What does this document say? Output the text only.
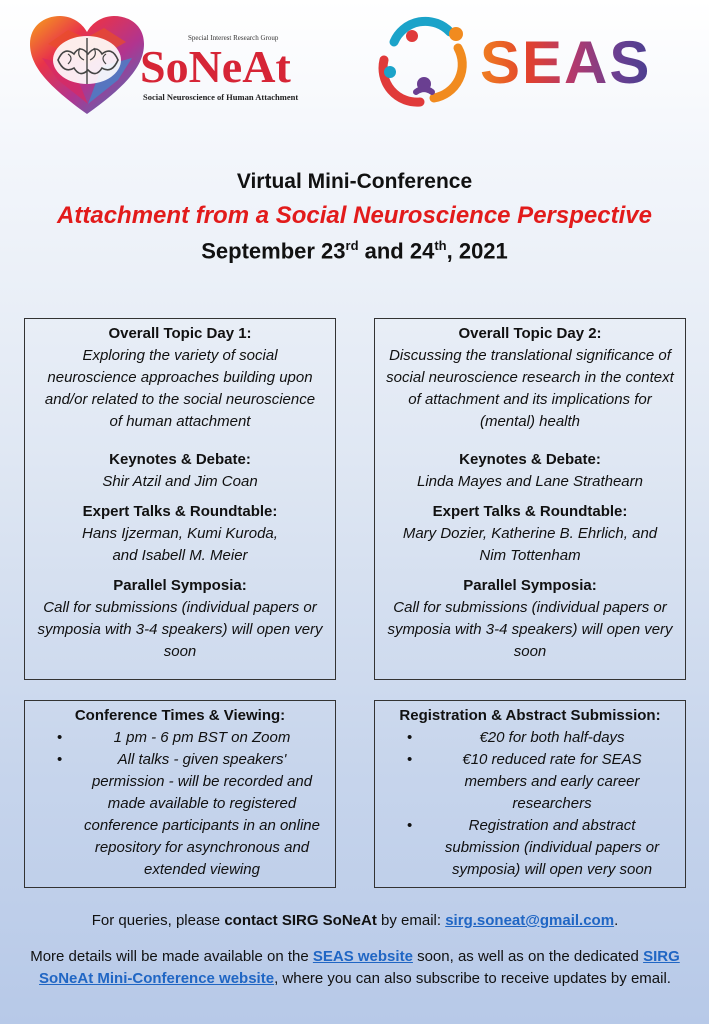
Special Interest Research Group
SoNeAt
Social Neuroscience of Human Attachment
SEAS
Virtual Mini-Conference
Attachment from a Social Neuroscience Perspective
September 23rd and 24th, 2021
Overall Topic Day 1:
Exploring the variety of social neuroscience approaches building upon and/or related to the social neuroscience of human attachment
Keynotes & Debate:
Shir Atzil and Jim Coan
Expert Talks & Roundtable:
Hans Ijzerman, Kumi Kuroda, and Isabell M. Meier
Parallel Symposia:
Call for submissions (individual papers or symposia with 3-4 speakers) will open very soon
Overall Topic Day 2:
Discussing the translational significance of social neuroscience research in the context of attachment and its implications for (mental) health
Keynotes & Debate:
Linda Mayes and Lane Strathearn
Expert Talks & Roundtable:
Mary Dozier, Katherine B. Ehrlich, and Nim Tottenham
Parallel Symposia:
Call for submissions (individual papers or symposia with 3-4 speakers) will open very soon
Conference Times & Viewing:
• 1 pm - 6 pm BST on Zoom
• All talks - given speakers' permission - will be recorded and made available to registered conference participants in an online repository for asynchronous and extended viewing
Registration & Abstract Submission:
• €20 for both half-days
• €10 reduced rate for SEAS members and early career researchers
• Registration and abstract submission (individual papers or symposia) will open very soon
For queries, please contact SIRG SoNeAt by email: sirg.soneat@gmail.com.
More details will be made available on the SEAS website soon, as well as on the dedicated SIRG SoNeAt Mini-Conference website, where you can also subscribe to receive updates by email.
